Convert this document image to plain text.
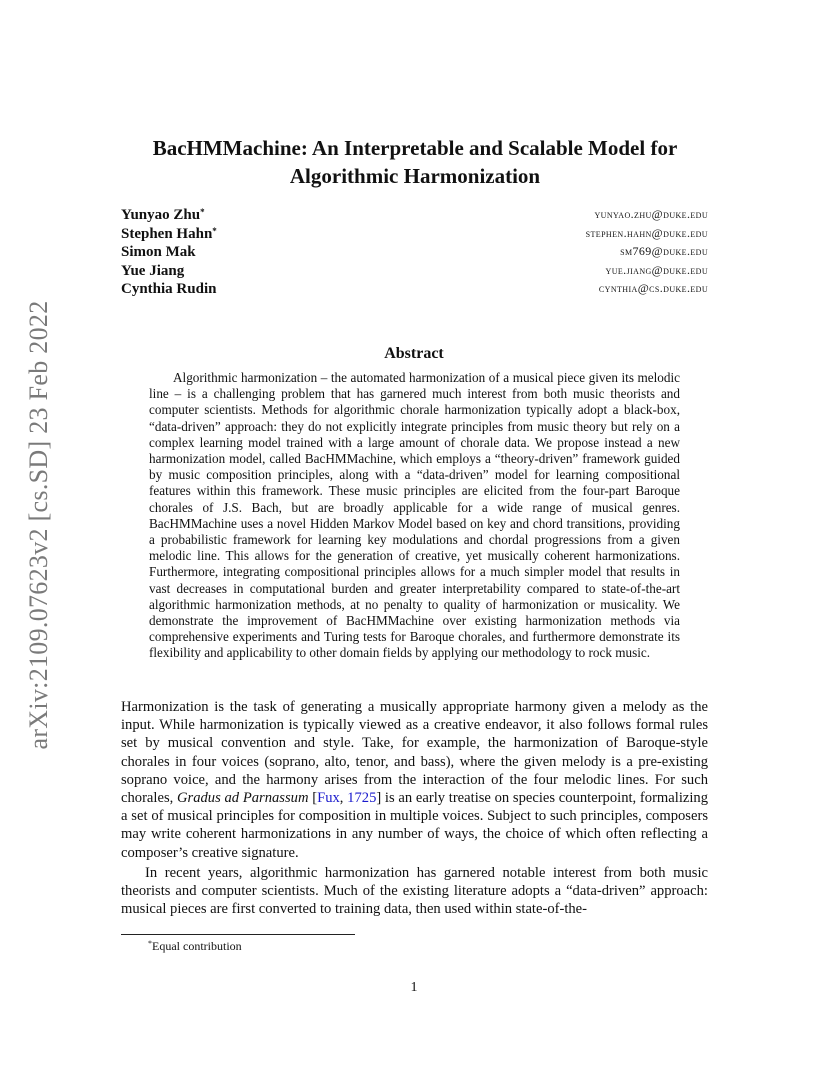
arXiv:2109.07623v2 [cs.SD] 23 Feb 2022
BacHMMachine: An Interpretable and Scalable Model for
Algorithmic Harmonization
Yunyao Zhu*	yunyao.zhu@duke.edu
Stephen Hahn*	stephen.hahn@duke.edu
Simon Mak	sm769@duke.edu
Yue Jiang	yue.jiang@duke.edu
Cynthia Rudin	cynthia@cs.duke.edu
Abstract
Algorithmic harmonization – the automated harmonization of a musical piece given its melodic line – is a challenging problem that has garnered much interest from both music theorists and computer scientists. Methods for algorithmic chorale harmonization typically adopt a black-box, “data-driven” approach: they do not explicitly integrate principles from music theory but rely on a complex learning model trained with a large amount of chorale data. We propose instead a new harmonization model, called BacHMMachine, which employs a “theory-driven” framework guided by music composition principles, along with a “data-driven” model for learning compositional features within this framework. These music principles are elicited from the four-part Baroque chorales of J.S. Bach, but are broadly applicable for a wide range of musical genres. BacHMMachine uses a novel Hidden Markov Model based on key and chord transitions, providing a probabilistic framework for learning key modulations and chordal progressions from a given melodic line. This allows for the generation of creative, yet musically coherent harmonizations. Furthermore, integrating compositional principles allows for a much simpler model that results in vast decreases in computational burden and greater interpretability compared to state-of-the-art algorithmic harmonization methods, at no penalty to quality of harmonization or musicality. We demonstrate the improvement of BacHMMachine over existing harmonization methods via comprehensive experiments and Turing tests for Baroque chorales, and furthermore demonstrate its flexibility and applicability to other domain fields by applying our methodology to rock music.
Harmonization is the task of generating a musically appropriate harmony given a melody as the input. While harmonization is typically viewed as a creative endeavor, it also follows formal rules set by musical convention and style. Take, for example, the harmonization of Baroque-style chorales in four voices (soprano, alto, tenor, and bass), where the given melody is a pre-existing soprano voice, and the harmony arises from the interaction of the four melodic lines. For such chorales, Gradus ad Parnassum [Fux, 1725] is an early treatise on species counterpoint, formalizing a set of musical principles for composition in multiple voices. Subject to such principles, composers may write coherent harmonizations in any number of ways, the choice of which often reflecting a composer’s creative signature.
In recent years, algorithmic harmonization has garnered notable interest from both music theorists and computer scientists. Much of the existing literature adopts a “data-driven” approach: musical pieces are first converted to training data, then used within state-of-the-
*Equal contribution
1
